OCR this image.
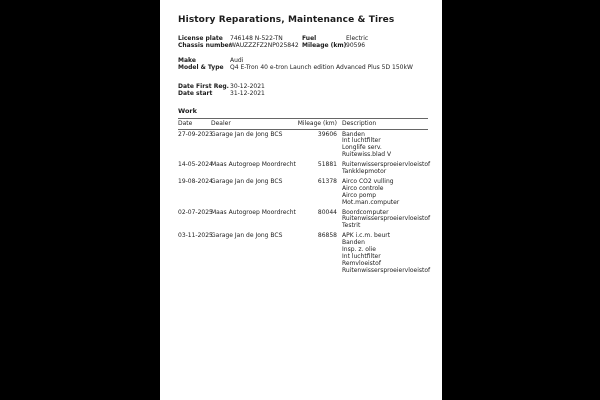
History Reparations, Maintenance & Tires
License plate	746148 N-522-TN	Fuel	Electric
Chassis number
WAUZZZFZ2NP025842 Mileage (km) 90596
Make	Audi
Model & Type	Q4 E-Tron 40 e-tron Launch edition Advanced Plus 5D 150kW
Date First Reg. 30-12-2021
Date start	31-12-2021
Work
Date	Dealer	Mileage (km) Description
27-09-2023
Garage Jan de Jong BCS	39606 Banden
Int luchtfilter
Longlife serv.
Ruitewiss.blad V
14-05-2024
Maas Autogroep Moordrecht	51881 Ruitenwissersproeiervloeistof
Tankklepmotor
19-08-2024
Garage Jan de Jong BCS	61378 Airco CO2 vulling
Airco controle
Airco pomp
Mot.man.computer
02-07-2025
Maas Autogroep Moordrecht	80044 Boordcomputer
Ruitenwissersproeiervloeistof
Testrit
03-11-2025
Garage Jan de Jong BCS	86858 APK i.c.m. beurt
Banden
Insp. z. olie
Int luchtfilter
Remvloeistof
Ruitenwissersproeiervloeistof
